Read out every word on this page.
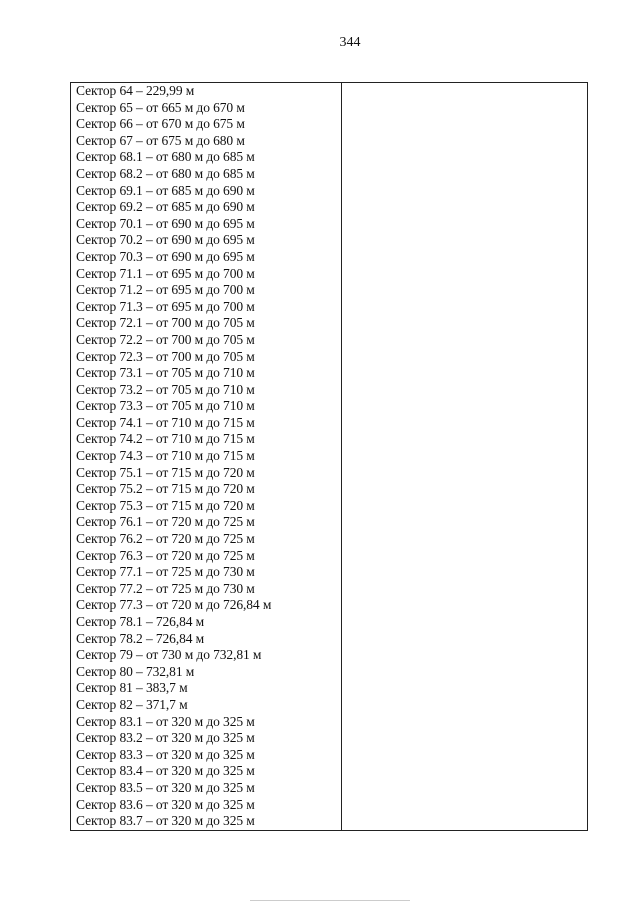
344
Сектор 64 – 229,99 м
Сектор 65 – от 665 м до 670 м
Сектор 66 – от 670 м до 675 м
Сектор 67 – от 675 м до 680 м
Сектор 68.1 – от 680 м до 685 м
Сектор 68.2 – от 680 м до 685 м
Сектор 69.1 – от 685 м до 690 м
Сектор 69.2 – от 685 м до 690 м
Сектор 70.1 – от 690 м до 695 м
Сектор 70.2 – от 690 м до 695 м
Сектор 70.3 – от 690 м до 695 м
Сектор 71.1 – от 695 м до 700 м
Сектор 71.2 – от 695 м до 700 м
Сектор 71.3 – от 695 м до 700 м
Сектор 72.1 – от 700 м до 705 м
Сектор 72.2 – от 700 м до 705 м
Сектор 72.3 – от 700 м до 705 м
Сектор 73.1 – от 705 м до 710 м
Сектор 73.2 – от 705 м до 710 м
Сектор 73.3 – от 705 м до 710 м
Сектор 74.1 – от 710 м до 715 м
Сектор 74.2 – от 710 м до 715 м
Сектор 74.3 – от 710 м до 715 м
Сектор 75.1 – от 715 м до 720 м
Сектор 75.2 – от 715 м до 720 м
Сектор 75.3 – от 715 м до 720 м
Сектор 76.1 – от 720 м до 725 м
Сектор 76.2 – от 720 м до 725 м
Сектор 76.3 – от 720 м до 725 м
Сектор 77.1 – от 725 м до 730 м
Сектор 77.2 – от 725 м до 730 м
Сектор 77.3 – от 720 м до 726,84 м
Сектор 78.1 – 726,84 м
Сектор 78.2 – 726,84 м
Сектор 79 – от 730 м до 732,81 м
Сектор 80 – 732,81 м
Сектор 81 – 383,7 м
Сектор 82 – 371,7 м
Сектор 83.1 – от 320 м до 325 м
Сектор 83.2 – от 320 м до 325 м
Сектор 83.3 – от 320 м до 325 м
Сектор 83.4 – от 320 м до 325 м
Сектор 83.5 – от 320 м до 325 м
Сектор 83.6 – от 320 м до 325 м
Сектор 83.7 – от 320 м до 325 м
